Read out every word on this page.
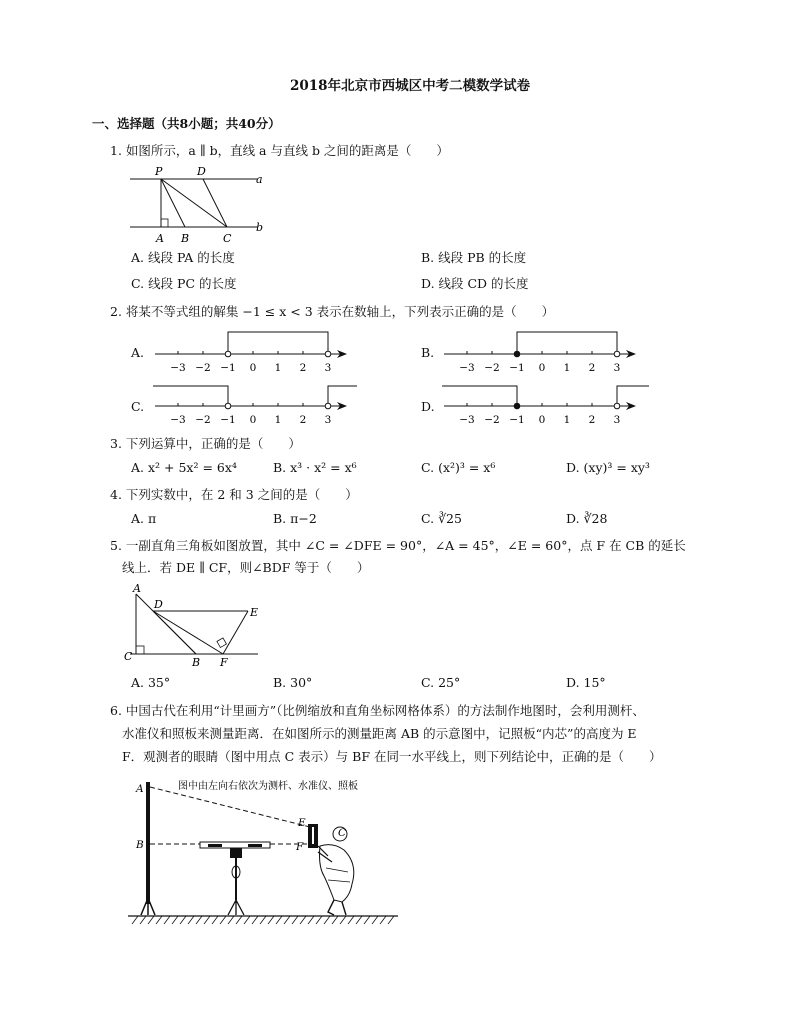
2018年北京市西城区中考二模数学试卷
一、选择题（共8小题；共40分）
1. 如图所示，a ∥ b，直线 a 与直线 b 之间的距离是（　　）
P	D
a
b
A B	C
A. 线段 PA 的长度	B. 线段 PB 的长度
C. 线段 PC 的长度	D. 线段 CD 的长度
2. 将某不等式组的解集 −1 ≤ x < 3 表示在数轴上，下列表示正确的是（　　）
A.
−3 −2 −1 0 1 2 3
B.
−3 −2 −1 0 1 2 3
C.
−3 −2 −1 0 1 2 3
D.
−3 −2 −1 0 1 2 3
3. 下列运算中，正确的是（　　）
A. x² + 5x² = 6x⁴	B. x³ · x² = x⁶	C. (x²)³ = x⁶	D. (xy)³ = xy³
4. 下列实数中，在 2 和 3 之间的是（　　）
A. π	B. π−2	C. ∛25	D. ∛28
5. 一副直角三角板如图放置，其中 ∠C = ∠DFE = 90°，∠A = 45°，∠E = 60°，点 F 在 CB 的延长
线上．若 DE ∥ CF，则∠BDF 等于（　　）
A
D
E
C	B F
A. 35°	B. 30°	C. 25°	D. 15°
6. 中国古代在利用“计里画方”（比例缩放和直角坐标网格体系）的方法制作地图时，会利用测杆、
水准仪和照板来测量距离．在如图所示的测量距离 AB 的示意图中，记照板“内芯”的高度为 E
F．观测者的眼睛（图中用点 C 表示）与 BF 在同一水平线上，则下列结论中，正确的是（　　）
图中由左向右依次为测杆、水准仪、照板
A
B
E
F
C
